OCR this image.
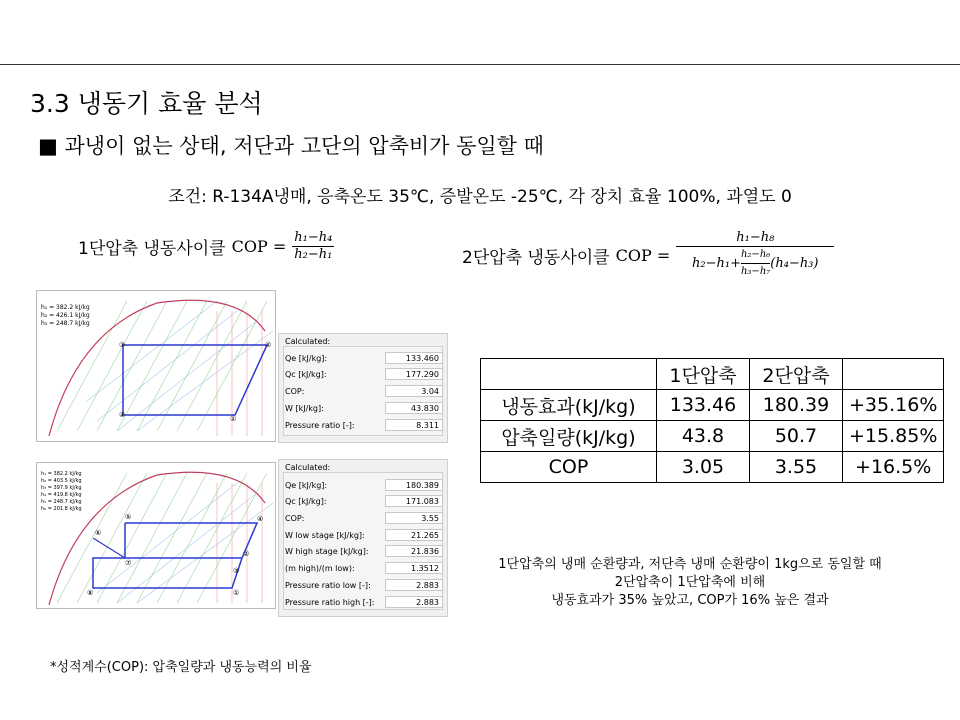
3.3 냉동기 효율 분석
■ 과냉이 없는 상태, 저단과 고단의 압축비가 동일할 때
조건: R-134A냉매, 응축온도 35℃, 증발온도 -25℃, 각 장치 효율 100%, 과열도 0
1단압축 냉동사이클 COP = $\frac{\text{h₁−h₄}}{\text{h₂−h₁}}$	2단압축 냉동사이클 COP =
h₁−h₈
$h_2-h_1+ \frac{\text{h₂−h₆}}{\text{h₃−h₇}} (h_4-h_3)$
h₁ = 382.2 kJ/kg
h₂ = 426.1 kJ/kg
h₃ = 248.7 kJ/kg
③	②
④	①
Calculated:
Qe [kJ/kg]:	133.460
Qc [kJ/kg]:	177.290
COP:	3.04
W [kJ/kg]:	43.830
Pressure ratio [-]:	8.311
h₁ = 382.2 kJ/kg
h₂ = 403.5 kJ/kg
h₃ = 397.9 kJ/kg
h₄ = 419.8 kJ/kg
h₅ = 248.7 kJ/kg
h₆ = 201.8 kJ/kg
⑤	④
⑥
②
⑦
③
⑧	①
Calculated:
Qe [kJ/kg]:	180.389
Qc [kJ/kg]:	171.083
COP:	3.55
W low stage [kJ/kg]:	21.265
W high stage [kJ/kg]:	21.836
(m high)/(m low):	1.3512
Pressure ratio low [-]:	2.883
Pressure ratio high [-]:	2.883
	1단압축	2단압축	
냉동효과(kJ/kg)	133.46	180.39	+35.16%
압축일량(kJ/kg)	43.8	50.7	+15.85%
COP	3.05	3.55	+16.5%
1단압축의 냉매 순환량과, 저단측 냉매 순환량이 1kg으로 동일할 때
2단압축이 1단압축에 비해
냉동효과가 35% 높았고, COP가 16% 높은 결과
*성적계수(COP): 압축일량과 냉동능력의 비율
